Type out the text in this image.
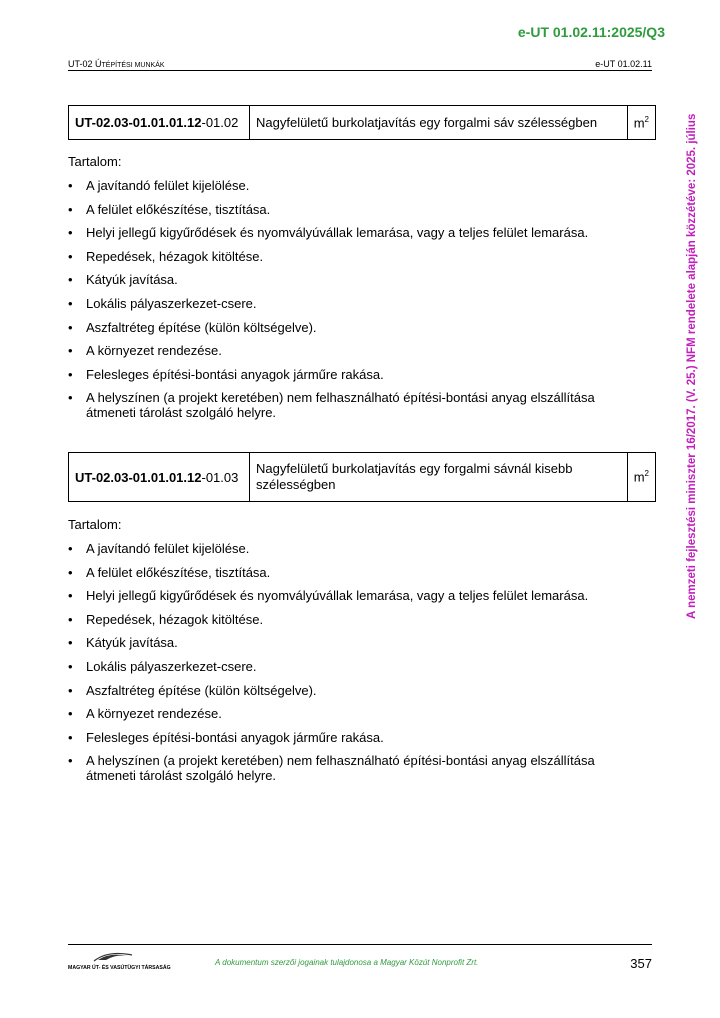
e-UT 01.02.11:2025/Q3
UT-02 ÚTÉPÍTÉSI MUNKÁK	e-UT 01.02.11
A nemzeti fejlesztési miniszter 16/2017. (V. 25.) NFM rendelete alapján közzétéve: 2025. július
UT-02.03-01.01.01.12-01.02	Nagyfelületű burkolatjavítás egy forgalmi sáv szélességben	$m^2$
Tartalom:
• A javítandó felület kijelölése.
• A felület előkészítése, tisztítása.
• Helyi jellegű kigyűrődések és nyomvályúvállak lemarása, vagy a teljes felület lemarása.
• Repedések, hézagok kitöltése.
• Kátyúk javítása.
• Lokális pályaszerkezet-csere.
• Aszfaltréteg építése (külön költségelve).
• A környezet rendezése.
• Felesleges építési-bontási anyagok járműre rakása.
• A helyszínen (a projekt keretében) nem felhasználható építési-bontási anyag elszállítása átmeneti tárolást szolgáló helyre.
UT-02.03-01.01.01.12-01.03	Nagyfelületű burkolatjavítás egy forgalmi sávnál kisebb
szélességben	$m^2$
Tartalom:
• A javítandó felület kijelölése.
• A felület előkészítése, tisztítása.
• Helyi jellegű kigyűrődések és nyomvályúvállak lemarása, vagy a teljes felület lemarása.
• Repedések, hézagok kitöltése.
• Kátyúk javítása.
• Lokális pályaszerkezet-csere.
• Aszfaltréteg építése (külön költségelve).
• A környezet rendezése.
• Felesleges építési-bontási anyagok járműre rakása.
• A helyszínen (a projekt keretében) nem felhasználható építési-bontási anyag elszállítása átmeneti tárolást szolgáló helyre.
MAGYAR ÚT- ÉS VASÚTÜGYI TÁRSASÁG
A dokumentum szerzői jogainak tulajdonosa a Magyar Közút Nonprofit Zrt.	357
